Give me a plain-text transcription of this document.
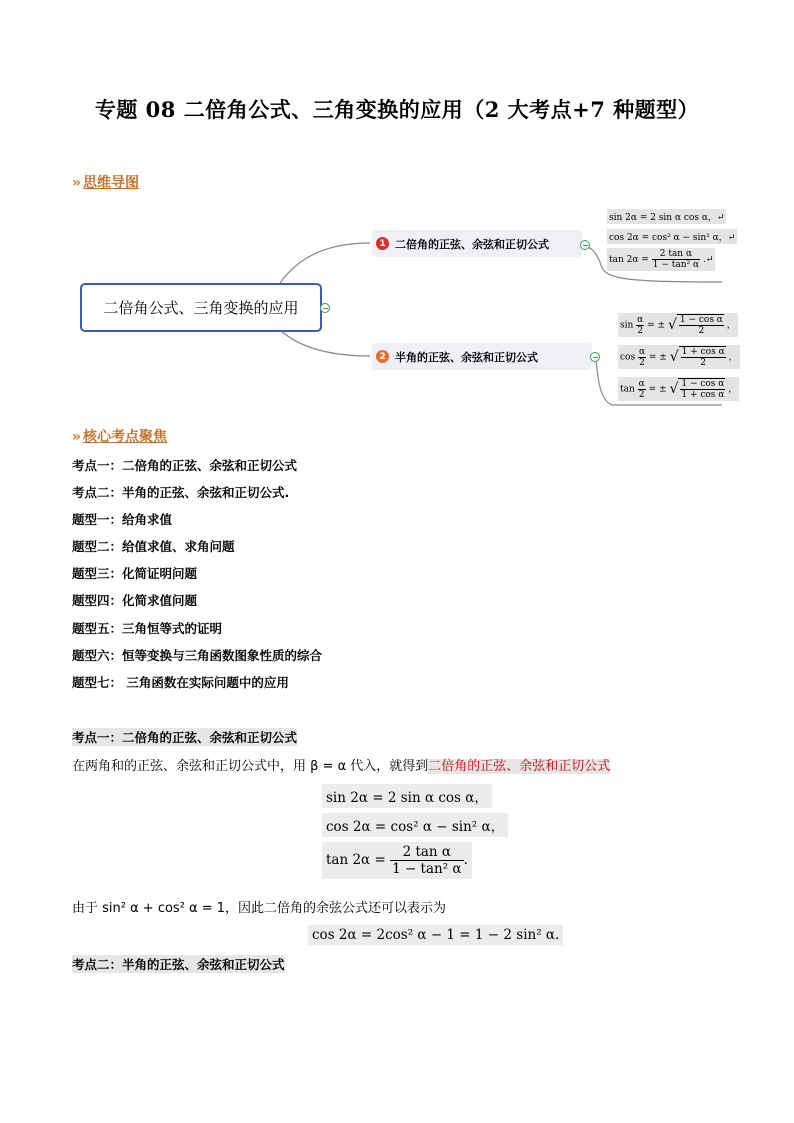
专题 08 二倍角公式、三角变换的应用（2 大考点+7 种题型）
» 思维导图
二倍角公式、三角变换的应用
1 二倍角的正弦、余弦和正切公式
2 半角的正弦、余弦和正切公式
sin 2α = 2 sin α cos α，↵
cos 2α = cos² α − sin² α，↵
$\tan 2\alpha = \frac{\text{2 tan α}}{\text{1 − tan² α}}$ .↵
$\sin \frac{\alpha}{2}$ = ± √ $\frac{\text{1 − cos α}}{2}$ ，
$\cos \frac{\alpha}{2}$ = ± √ $\frac{\text{1 + cos α}}{2}$ ，
$\tan \frac{\alpha}{2}$ = ± √ $\frac{\text{1 − cos α}}{\text{1 + cos α}}$ ，
» 核心考点聚焦
考点一：二倍角的正弦、余弦和正切公式
考点二：半角的正弦、余弦和正切公式.
题型一：给角求值
题型二：给值求值、求角问题
题型三：化简证明问题
题型四：化简求值问题
题型五：三角恒等式的证明
题型六：恒等变换与三角函数图象性质的综合
题型七： 三角函数在实际问题中的应用
考点一：二倍角的正弦、余弦和正切公式
在两角和的正弦、余弦和正切公式中，用 β = α 代入，就得到二倍角的正弦、余弦和正切公式
sin 2α = 2 sin α cos α，
cos 2α = cos² α − sin² α，
$\tan 2\alpha = \frac{\text{2 tan α}}{\text{1 − tan² α}}$ .
由于 sin² α + cos² α = 1，因此二倍角的余弦公式还可以表示为
cos 2α = 2cos² α − 1 = 1 − 2 sin² α.
考点二：半角的正弦、余弦和正切公式
